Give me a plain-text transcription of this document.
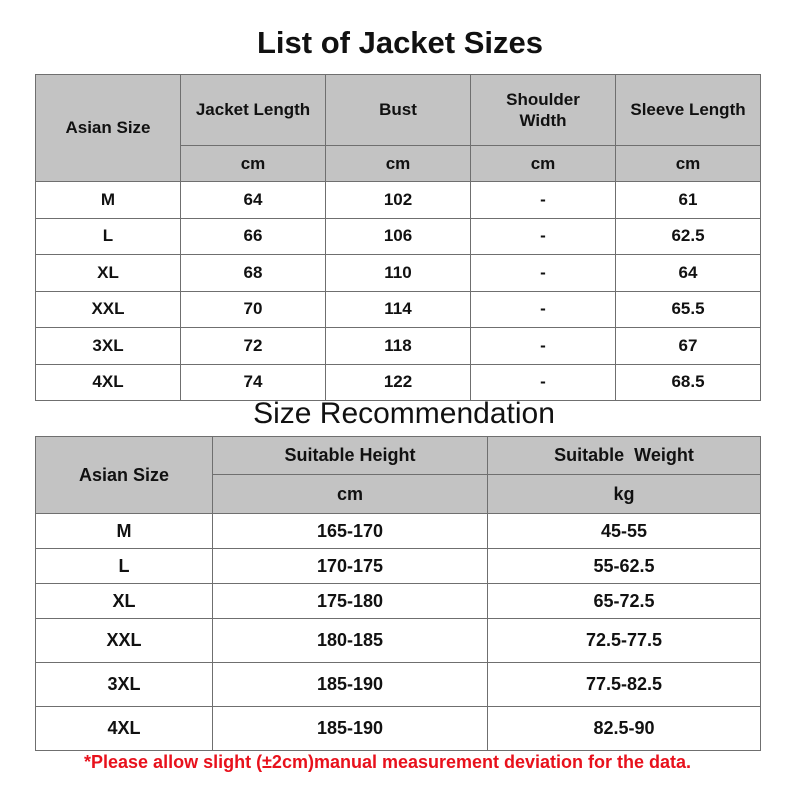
List of Jacket Sizes
Asian Size	Jacket Length	Bust	Shoulder Width	Sleeve Length
	cm	cm	cm	cm
M	64	102	-	61
L	66	106	-	62.5
XL	68	110	-	64
XXL	70	114	-	65.5
3XL	72	118	-	67
4XL	74	122	-	68.5
Size Recommendation
Asian Size	Suitable Height	Suitable  Weight
	cm	kg
M	165-170	45-55
L	170-175	55-62.5
XL	175-180	65-72.5
XXL	180-185	72.5-77.5
3XL	185-190	77.5-82.5
4XL	185-190	82.5-90
*Please allow slight (±2cm)manual measurement deviation for the data.
